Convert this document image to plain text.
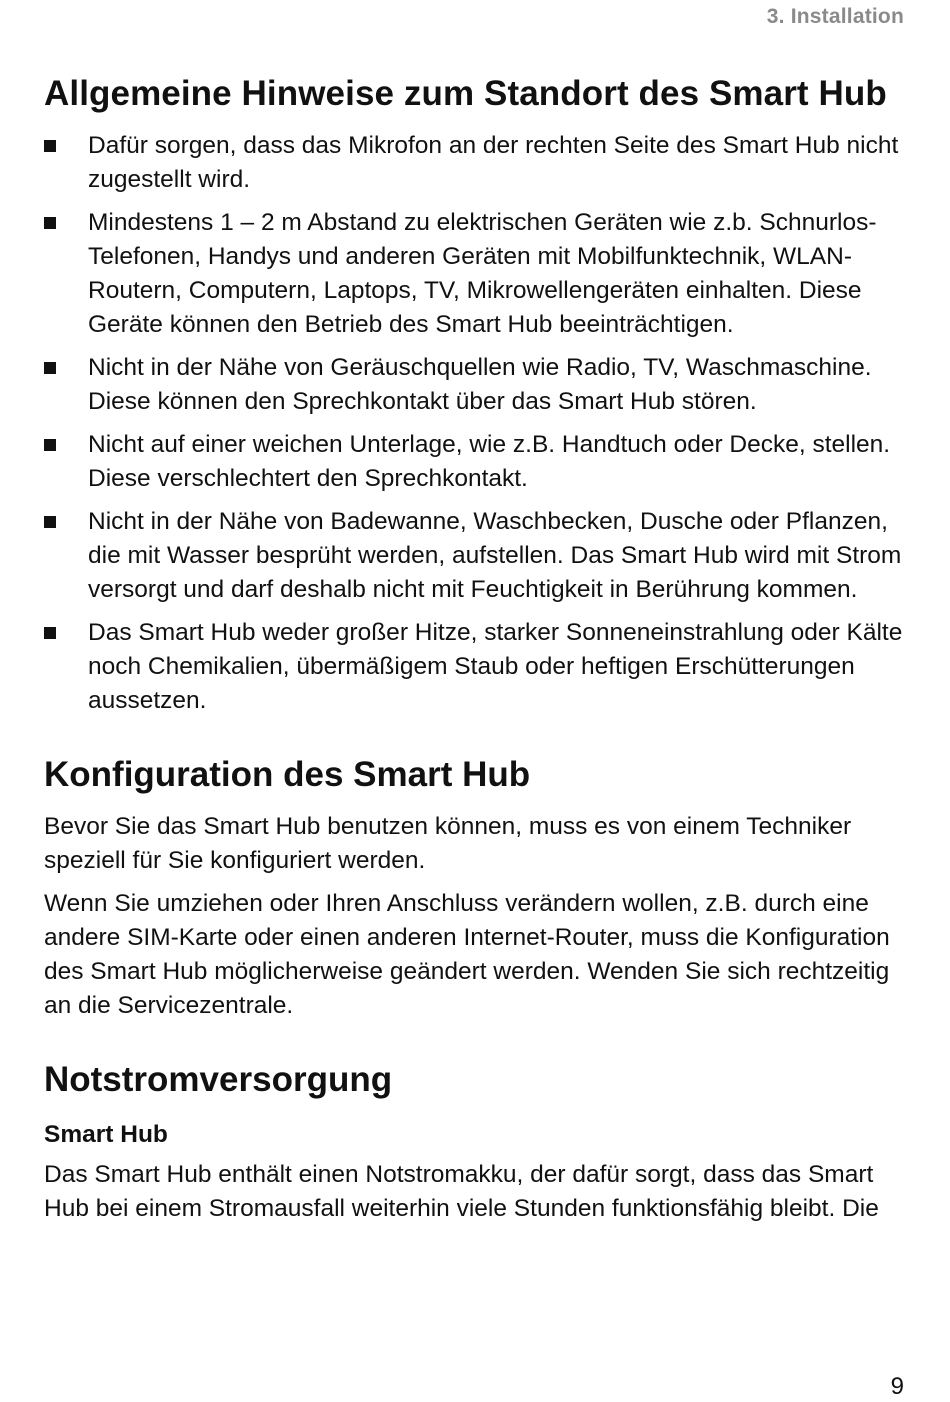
3. Installation
Allgemeine Hinweise zum Standort des Smart Hub
Dafür sorgen, dass das Mikrofon an der rechten Seite des Smart Hub nicht zugestellt wird.
Mindestens 1 – 2 m Abstand zu elektrischen Geräten wie z.b. Schnurlos-Telefonen, Handys und anderen Geräten mit Mobilfunktechnik, WLAN-Routern, Computern, Laptops, TV, Mikrowellengeräten einhalten. Diese Geräte können den Betrieb des Smart Hub beeinträchtigen.
Nicht in der Nähe von Geräuschquellen wie Radio, TV, Waschmaschine. Diese können den Sprechkontakt über das Smart Hub stören.
Nicht auf einer weichen Unterlage, wie z.B. Handtuch oder Decke, stellen. Diese verschlechtert den Sprechkontakt.
Nicht in der Nähe von Badewanne, Waschbecken, Dusche oder Pflanzen, die mit Wasser besprüht werden, aufstellen. Das Smart Hub wird mit Strom versorgt und darf deshalb nicht mit Feuchtigkeit in Berührung kommen.
Das Smart Hub weder großer Hitze, starker Sonneneinstrahlung oder Kälte noch Chemikalien, übermäßigem Staub oder heftigen Erschütterungen aussetzen.
Konfiguration des Smart Hub

Bevor Sie das Smart Hub benutzen können, muss es von einem Techniker speziell für Sie konfiguriert werden.

Wenn Sie umziehen oder Ihren Anschluss verändern wollen, z.B. durch eine andere SIM-Karte oder einen anderen Internet-Router, muss die Konfiguration des Smart Hub möglicherweise geändert werden. Wenden Sie sich rechtzeitig an die Servicezentrale.

Notstromversorgung
Smart Hub

Das Smart Hub enthält einen Notstromakku, der dafür sorgt, dass das Smart Hub bei einem Stromausfall weiterhin viele Stunden funktionsfähig bleibt. Die

9
